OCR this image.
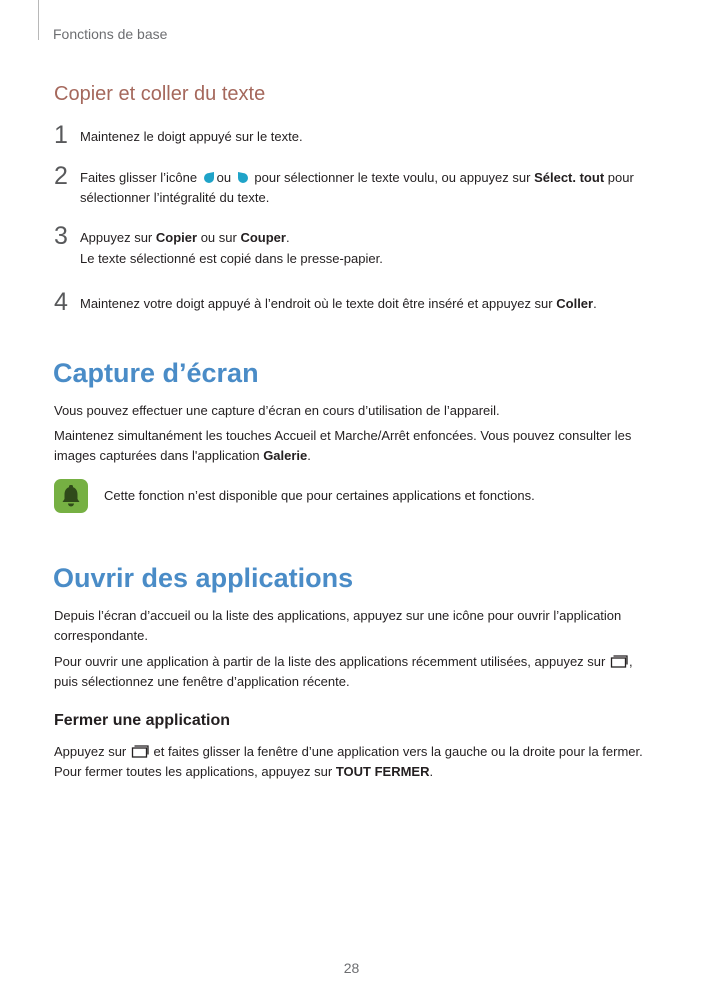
Fonctions de base
Copier et coller du texte
1 Maintenez le doigt appuyé sur le texte.
2 Faites glisser l’icône ou pour sélectionner le texte voulu, ou appuyez sur Sélect. tout pour sélectionner l’intégralité du texte.
3 Appuyez sur Copier ou sur Couper.
Le texte sélectionné est copié dans le presse-papier.
4 Maintenez votre doigt appuyé à l’endroit où le texte doit être inséré et appuyez sur Coller.
Capture d’écran
Vous pouvez effectuer une capture d’écran en cours d’utilisation de l’appareil.
Maintenez simultanément les touches Accueil et Marche/Arrêt enfoncées. Vous pouvez consulter les images capturées dans l'application Galerie.
Cette fonction n’est disponible que pour certaines applications et fonctions.
Ouvrir des applications
Depuis l’écran d’accueil ou la liste des applications, appuyez sur une icône pour ouvrir l’application correspondante.
Pour ouvrir une application à partir de la liste des applications récemment utilisées, appuyez sur , puis sélectionnez une fenêtre d’application récente.
Fermer une application
Appuyez sur et faites glisser la fenêtre d’une application vers la gauche ou la droite pour la fermer. Pour fermer toutes les applications, appuyez sur TOUT FERMER.
28
